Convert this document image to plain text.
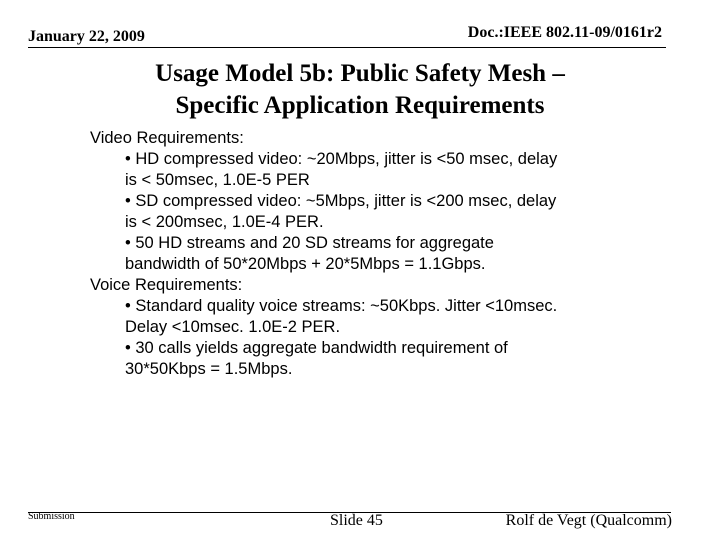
January 22, 2009	Doc.:IEEE 802.11-09/0161r2
Usage Model 5b: Public Safety Mesh –
Specific Application Requirements
Video Requirements:
• HD compressed video: ~20Mbps, jitter is <50 msec, delay
is < 50msec, 1.0E-5 PER
• SD compressed video: ~5Mbps, jitter is <200 msec, delay
is < 200msec, 1.0E-4 PER.
• 50 HD streams and 20 SD streams for aggregate
bandwidth of 50*20Mbps + 20*5Mbps = 1.1Gbps.
Voice Requirements:
• Standard quality voice streams: ~50Kbps. Jitter <10msec.
Delay <10msec. 1.0E-2 PER.
• 30 calls yields aggregate bandwidth requirement of
30*50Kbps = 1.5Mbps.
Submission	Slide 45	Rolf de Vegt (Qualcomm)
